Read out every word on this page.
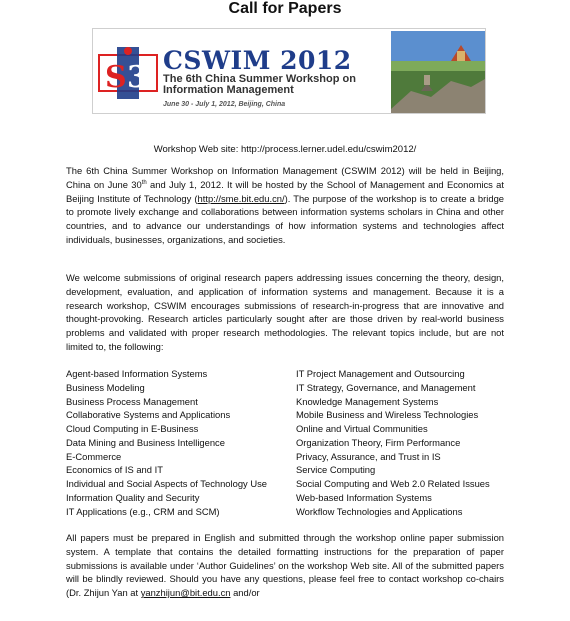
Call for Papers
S 3 CSWIM 2012
The 6th China Summer Workshop on
Information Management
June 30 - July 1, 2012, Beijing, China
Workshop Web site: http://process.lerner.udel.edu/cswim2012/

The 6th China Summer Workshop on Information Management (CSWIM 2012) will be held in Beijing, China on June 30th and July 1, 2012. It will be hosted by the School of Management and Economics at Beijing Institute of Technology (http://sme.bit.edu.cn/). The purpose of the workshop is to create a bridge to promote lively exchange and collaborations between information systems scholars in China and other countries, and to advance our understandings of how information systems and technologies affect individuals, businesses, organizations, and societies.

We welcome submissions of original research papers addressing issues concerning the theory, design, development, evaluation, and application of information systems and management. Because it is a research workshop, CSWIM encourages submissions of research-in-progress that are innovative and thought-provoking. Research articles particularly sought after are those driven by real-world business problems and validated with proper research methodologies. The relevant topics include, but are not limited to, the following:

Agent-based Information Systems
Business Modeling
Business Process Management
Collaborative Systems and Applications
Cloud Computing in E-Business
Data Mining and Business Intelligence
E-Commerce
Economics of IS and IT
Individual and Social Aspects of Technology Use
Information Quality and Security
IT Applications (e.g., CRM and SCM)
IT Project Management and Outsourcing
IT Strategy, Governance, and Management
Knowledge Management Systems
Mobile Business and Wireless Technologies
Online and Virtual Communities
Organization Theory, Firm Performance
Privacy, Assurance, and Trust in IS
Service Computing
Social Computing and Web 2.0 Related Issues
Web-based Information Systems
Workflow Technologies and Applications

All papers must be prepared in English and submitted through the workshop online paper submission system. A template that contains the detailed formatting instructions for the preparation of paper submissions is available under ‘Author Guidelines’ on the workshop Web site. All of the submitted papers will be blindly reviewed. Should you have any questions, please feel free to contact workshop co-chairs (Dr. Zhijun Yan at yanzhijun@bit.edu.cn and/or
